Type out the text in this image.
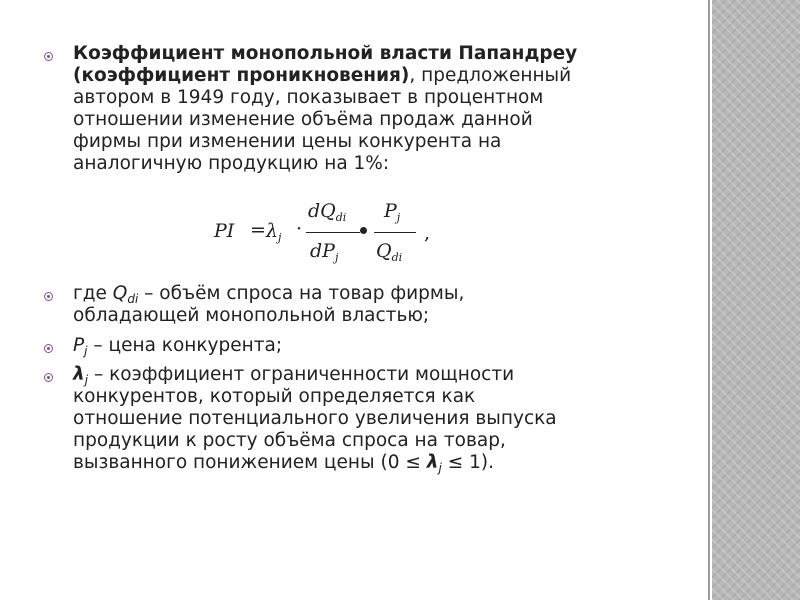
Коэффициент монопольной власти Папандреу
(коэффициент проникновения), предложенный
автором в 1949 году, показывает в процентном
отношении изменение объёма продаж данной
фирмы при изменении цены конкурента на
аналогичную продукцию на 1%:
PI = $\lambda_j$ ·
$dQ_{di}$
$dP_j$
$P_j$
$Q_{di}$
,
где $Q_{di}$ – объём спроса на товар фирмы,
обладающей монопольной властью;
$P_j$ – цена конкурента;
$\lambda_j$ – коэффициент ограниченности мощности
конкурентов, который определяется как
отношение потенциального увеличения выпуска
продукции к росту объёма спроса на товар,
вызванного понижением цены $(0 \le \lambda_j \le 1)$.
